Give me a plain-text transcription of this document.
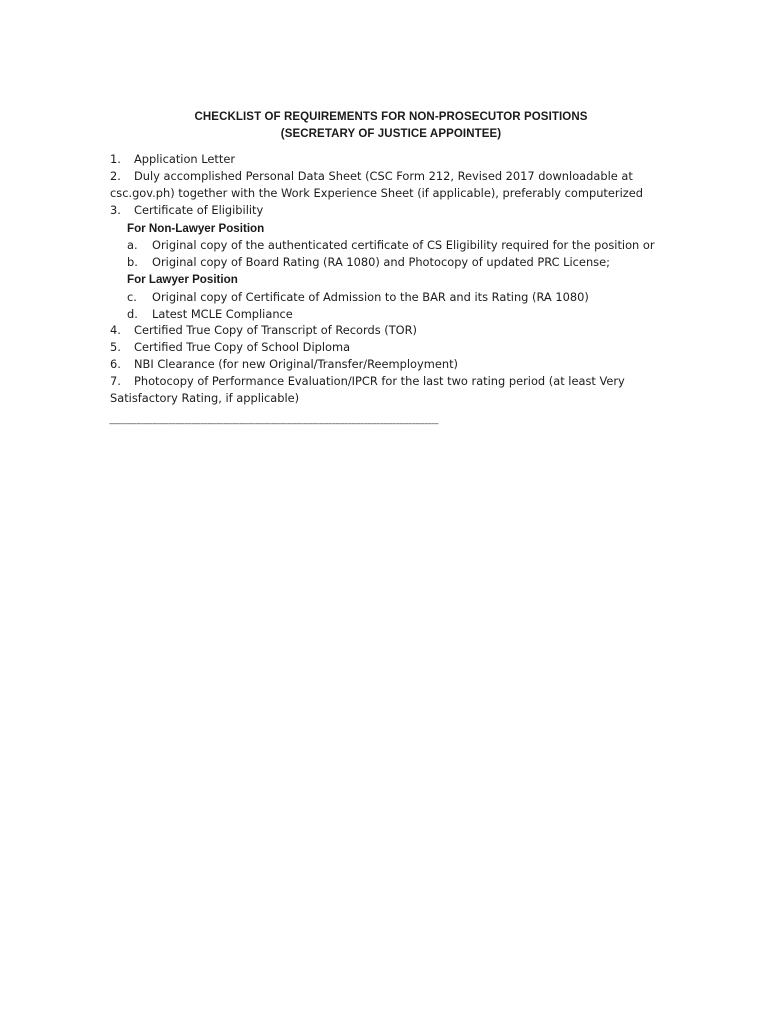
CHECKLIST OF REQUIREMENTS FOR NON-PROSECUTOR POSITIONS
(SECRETARY OF JUSTICE APPOINTEE)
1. Application Letter
2. Duly accomplished Personal Data Sheet (CSC Form 212, Revised 2017 downloadable at
csc.gov.ph) together with the Work Experience Sheet (if applicable), preferably computerized
3. Certificate of Eligibility
For Non-Lawyer Position
a. Original copy of the authenticated certificate of CS Eligibility required for the position or
b. Original copy of Board Rating (RA 1080) and Photocopy of updated PRC License;
For Lawyer Position
c. Original copy of Certificate of Admission to the BAR and its Rating (RA 1080)
d. Latest MCLE Compliance
4. Certified True Copy of Transcript of Records (TOR)
5. Certified True Copy of School Diploma
6. NBI Clearance (for new Original/Transfer/Reemployment)
7. Photocopy of Performance Evaluation/IPCR for the last two rating period (at least Very
Satisfactory Rating, if applicable)
------------------------------------------------------------------------------------------------------------------------------------------------
